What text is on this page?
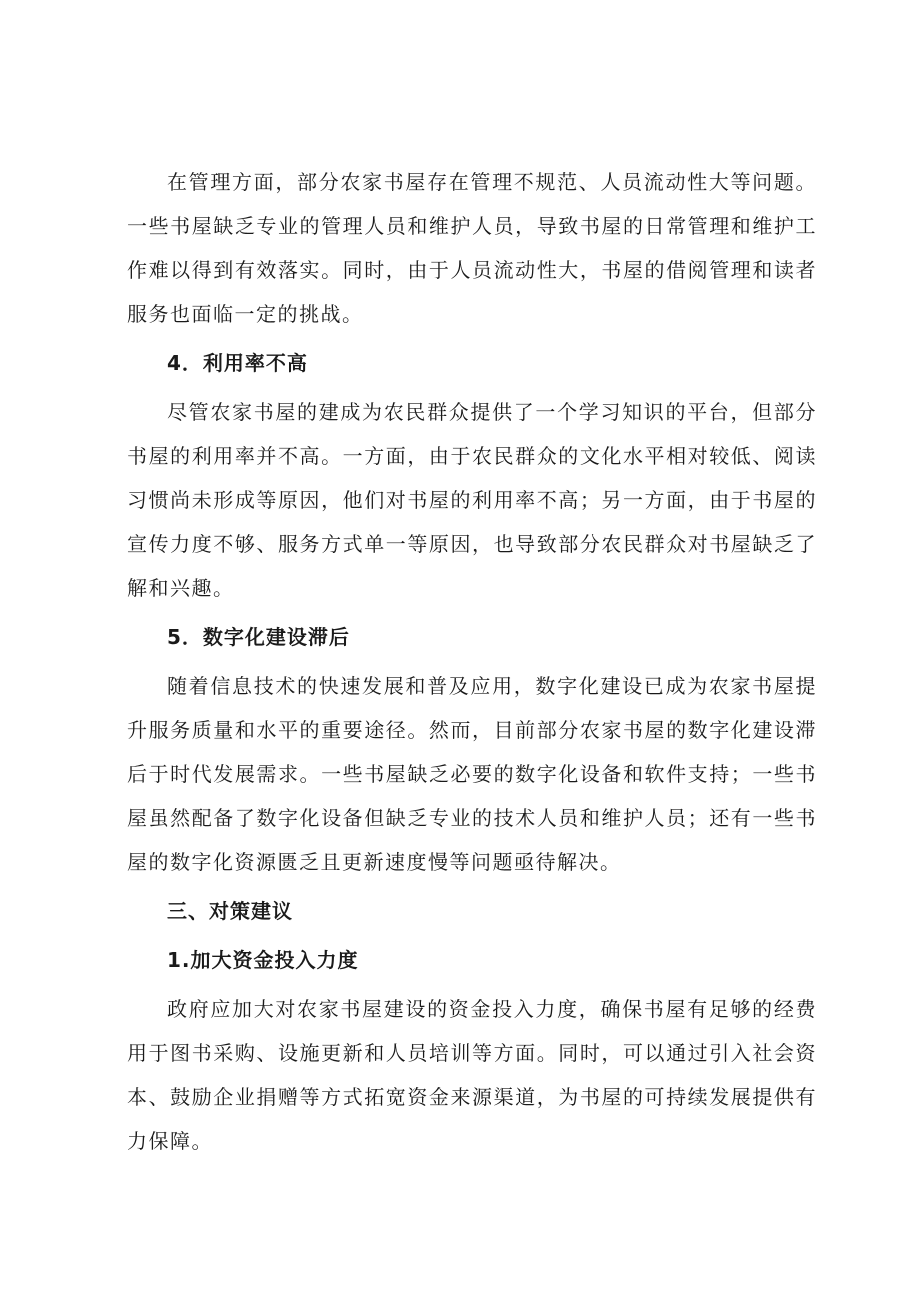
在管理方面，部分农家书屋存在管理不规范、人员流动性大等问题。一些书屋缺乏专业的管理人员和维护人员，导致书屋的日常管理和维护工作难以得到有效落实。同时，由于人员流动性大，书屋的借阅管理和读者服务也面临一定的挑战。

4．利用率不高

尽管农家书屋的建成为农民群众提供了一个学习知识的平台，但部分书屋的利用率并不高。一方面，由于农民群众的文化水平相对较低、阅读习惯尚未形成等原因，他们对书屋的利用率不高；另一方面，由于书屋的宣传力度不够、服务方式单一等原因，也导致部分农民群众对书屋缺乏了解和兴趣。

5．数字化建设滞后

随着信息技术的快速发展和普及应用，数字化建设已成为农家书屋提升服务质量和水平的重要途径。然而，目前部分农家书屋的数字化建设滞后于时代发展需求。一些书屋缺乏必要的数字化设备和软件支持；一些书屋虽然配备了数字化设备但缺乏专业的技术人员和维护人员；还有一些书屋的数字化资源匮乏且更新速度慢等问题亟待解决。

三、对策建议

1.加大资金投入力度

政府应加大对农家书屋建设的资金投入力度，确保书屋有足够的经费用于图书采购、设施更新和人员培训等方面。同时，可以通过引入社会资本、鼓励企业捐赠等方式拓宽资金来源渠道，为书屋的可持续发展提供有力保障。
